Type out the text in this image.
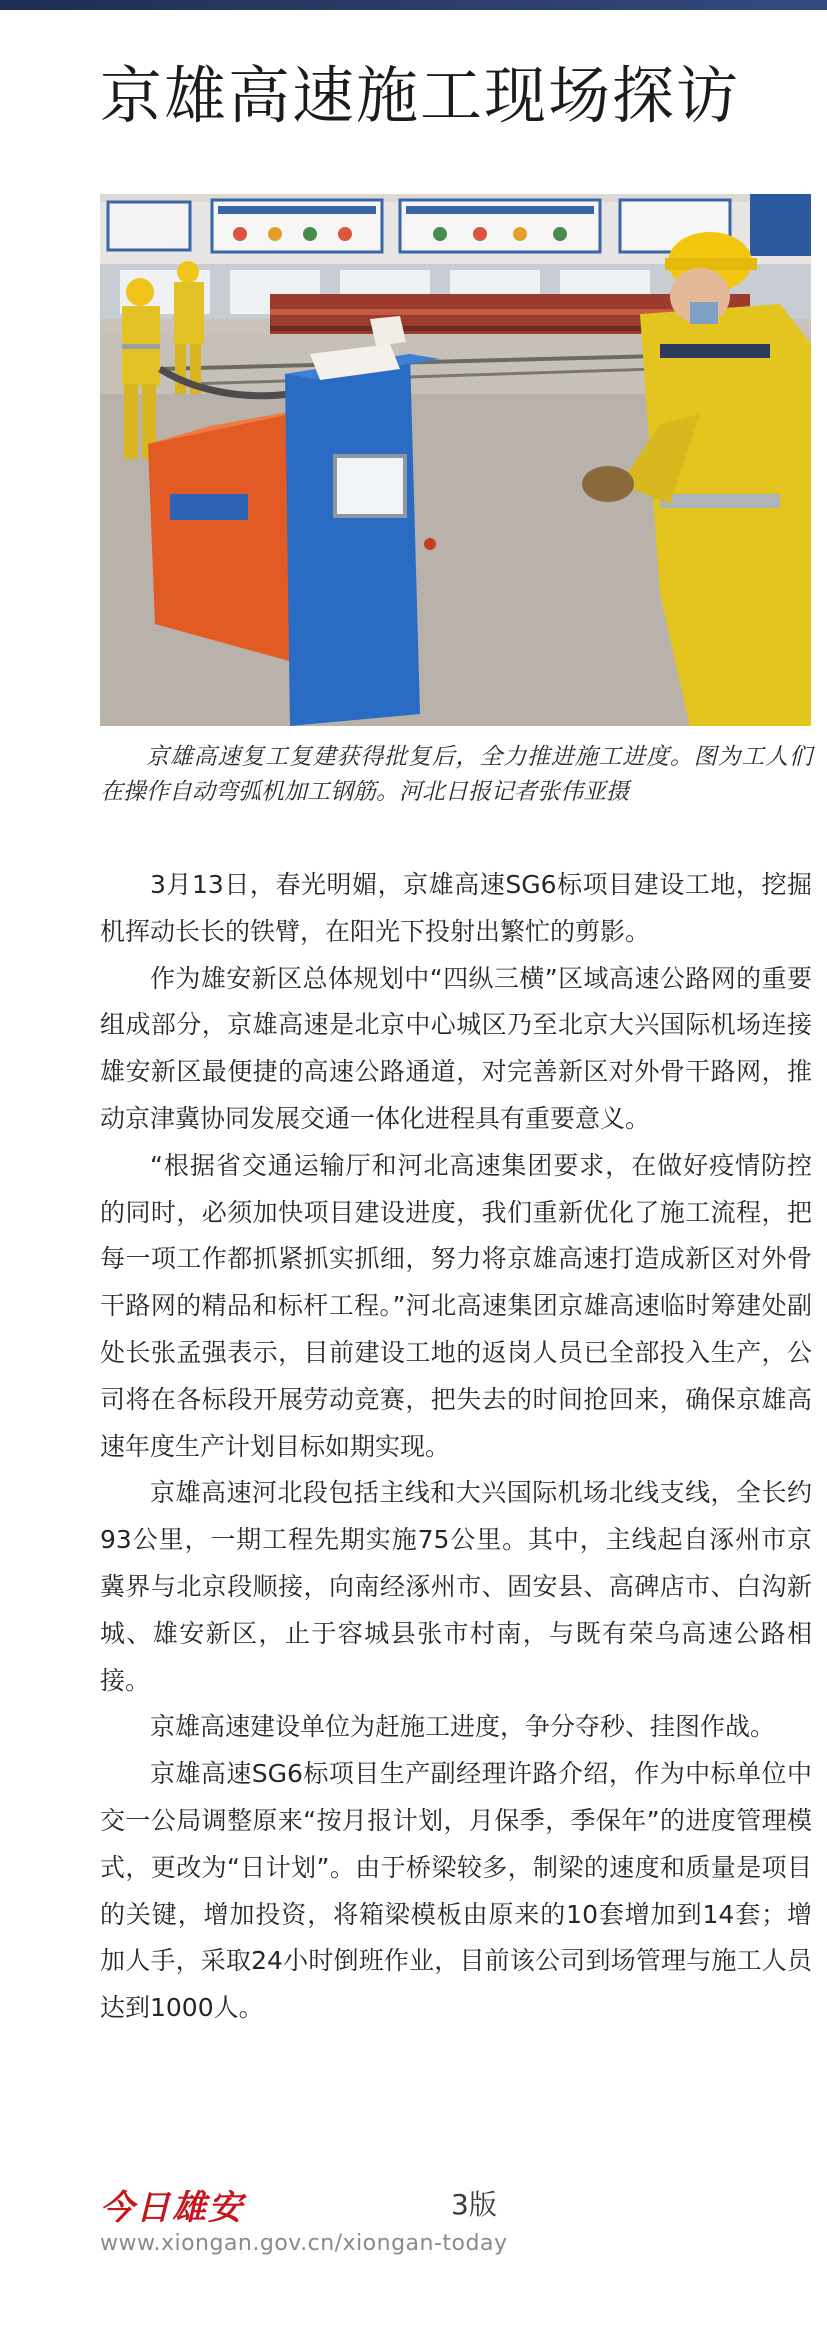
京雄高速施工现场探访

京雄高速复工复建获得批复后，全力推进施工进度。图为工人们在操作自动弯弧机加工钢筋。河北日报记者张伟亚摄

3月13日，春光明媚，京雄高速SG6标项目建设工地，挖掘机挥动长长的铁臂，在阳光下投射出繁忙的剪影。

作为雄安新区总体规划中“四纵三横”区域高速公路网的重要组成部分，京雄高速是北京中心城区乃至北京大兴国际机场连接雄安新区最便捷的高速公路通道，对完善新区对外骨干路网，推动京津冀协同发展交通一体化进程具有重要意义。

“根据省交通运输厅和河北高速集团要求，在做好疫情防控的同时，必须加快项目建设进度，我们重新优化了施工流程，把每一项工作都抓紧抓实抓细，努力将京雄高速打造成新区对外骨干路网的精品和标杆工程。”河北高速集团京雄高速临时筹建处副处长张孟强表示，目前建设工地的返岗人员已全部投入生产，公司将在各标段开展劳动竞赛，把失去的时间抢回来，确保京雄高速年度生产计划目标如期实现。

京雄高速河北段包括主线和大兴国际机场北线支线，全长约93公里，一期工程先期实施75公里。其中，主线起自涿州市京冀界与北京段顺接，向南经涿州市、固安县、高碑店市、白沟新城、雄安新区，止于容城县张市村南，与既有荣乌高速公路相接。

京雄高速建设单位为赶施工进度，争分夺秒、挂图作战。

京雄高速SG6标项目生产副经理许路介绍，作为中标单位中交一公局调整原来“按月报计划，月保季，季保年”的进度管理模式，更改为“日计划”。由于桥梁较多，制梁的速度和质量是项目的关键，增加投资，将箱梁模板由原来的10套增加到14套；增加人手，采取24小时倒班作业，目前该公司到场管理与施工人员达到1000人。

今日雄安	3版
www.xiongan.gov.cn/xiongan-today
